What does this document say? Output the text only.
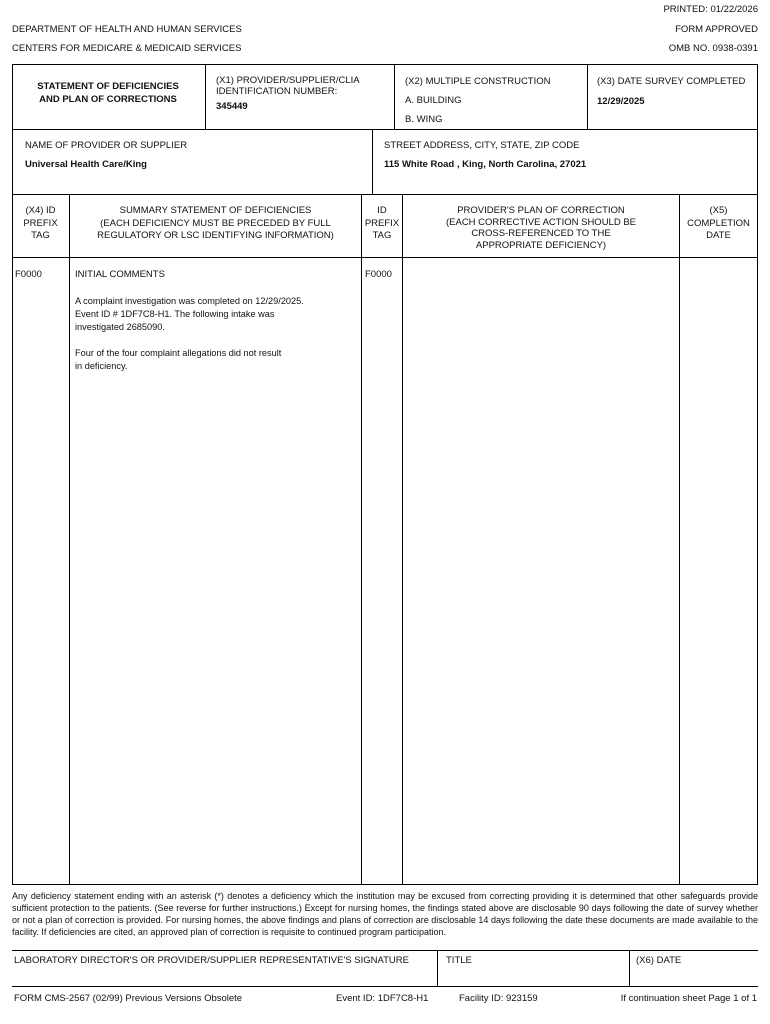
PRINTED: 01/22/2026
DEPARTMENT OF HEALTH AND HUMAN SERVICES	FORM APPROVED
CENTERS FOR MEDICARE & MEDICAID SERVICES	OMB NO. 0938-0391
STATEMENT OF DEFICIENCIES
AND PLAN OF CORRECTIONS
(X1) PROVIDER/SUPPLIER/CLIA
IDENTIFICATION NUMBER:
345449
(X2) MULTIPLE CONSTRUCTION
A. BUILDING
B. WING
(X3) DATE SURVEY COMPLETED
12/29/2025
NAME OF PROVIDER OR SUPPLIER
Universal Health Care/King
STREET ADDRESS, CITY, STATE, ZIP CODE
115 White Road , King, North Carolina, 27021
(X4) ID
PREFIX
TAG
SUMMARY STATEMENT OF DEFICIENCIES
(EACH DEFICIENCY MUST BE PRECEDED BY FULL
REGULATORY OR LSC IDENTIFYING INFORMATION)
ID
PREFIX
TAG
PROVIDER'S PLAN OF CORRECTION
(EACH CORRECTIVE ACTION SHOULD BE
CROSS-REFERENCED TO THE
APPROPRIATE DEFICIENCY)
(X5)
COMPLETION
DATE
F0000	INITIAL COMMENTS
A complaint investigation was completed on 12/29/2025.
Event ID # 1DF7C8-H1. The following intake was
investigated 2685090.
Four of the four complaint allegations did not result
in deficiency.
F0000
Any deficiency statement ending with an asterisk (*) denotes a deficiency which the institution may be excused from correcting providing it is determined that other safeguards provide sufficient protection to the patients. (See reverse for further instructions.) Except for nursing homes, the findings stated above are disclosable 90 days following the date of survey whether or not a plan of correction is provided. For nursing homes, the above findings and plans of correction are disclosable 14 days following the date these documents are made available to the facility. If deficiencies are cited, an approved plan of correction is requisite to continued program participation.
LABORATORY DIRECTOR'S OR PROVIDER/SUPPLIER REPRESENTATIVE'S SIGNATURE	TITLE	(X6) DATE
FORM CMS-2567 (02/99) Previous Versions Obsolete	Event ID: 1DF7C8-H1	Facility ID: 923159	If continuation sheet Page 1 of 1
